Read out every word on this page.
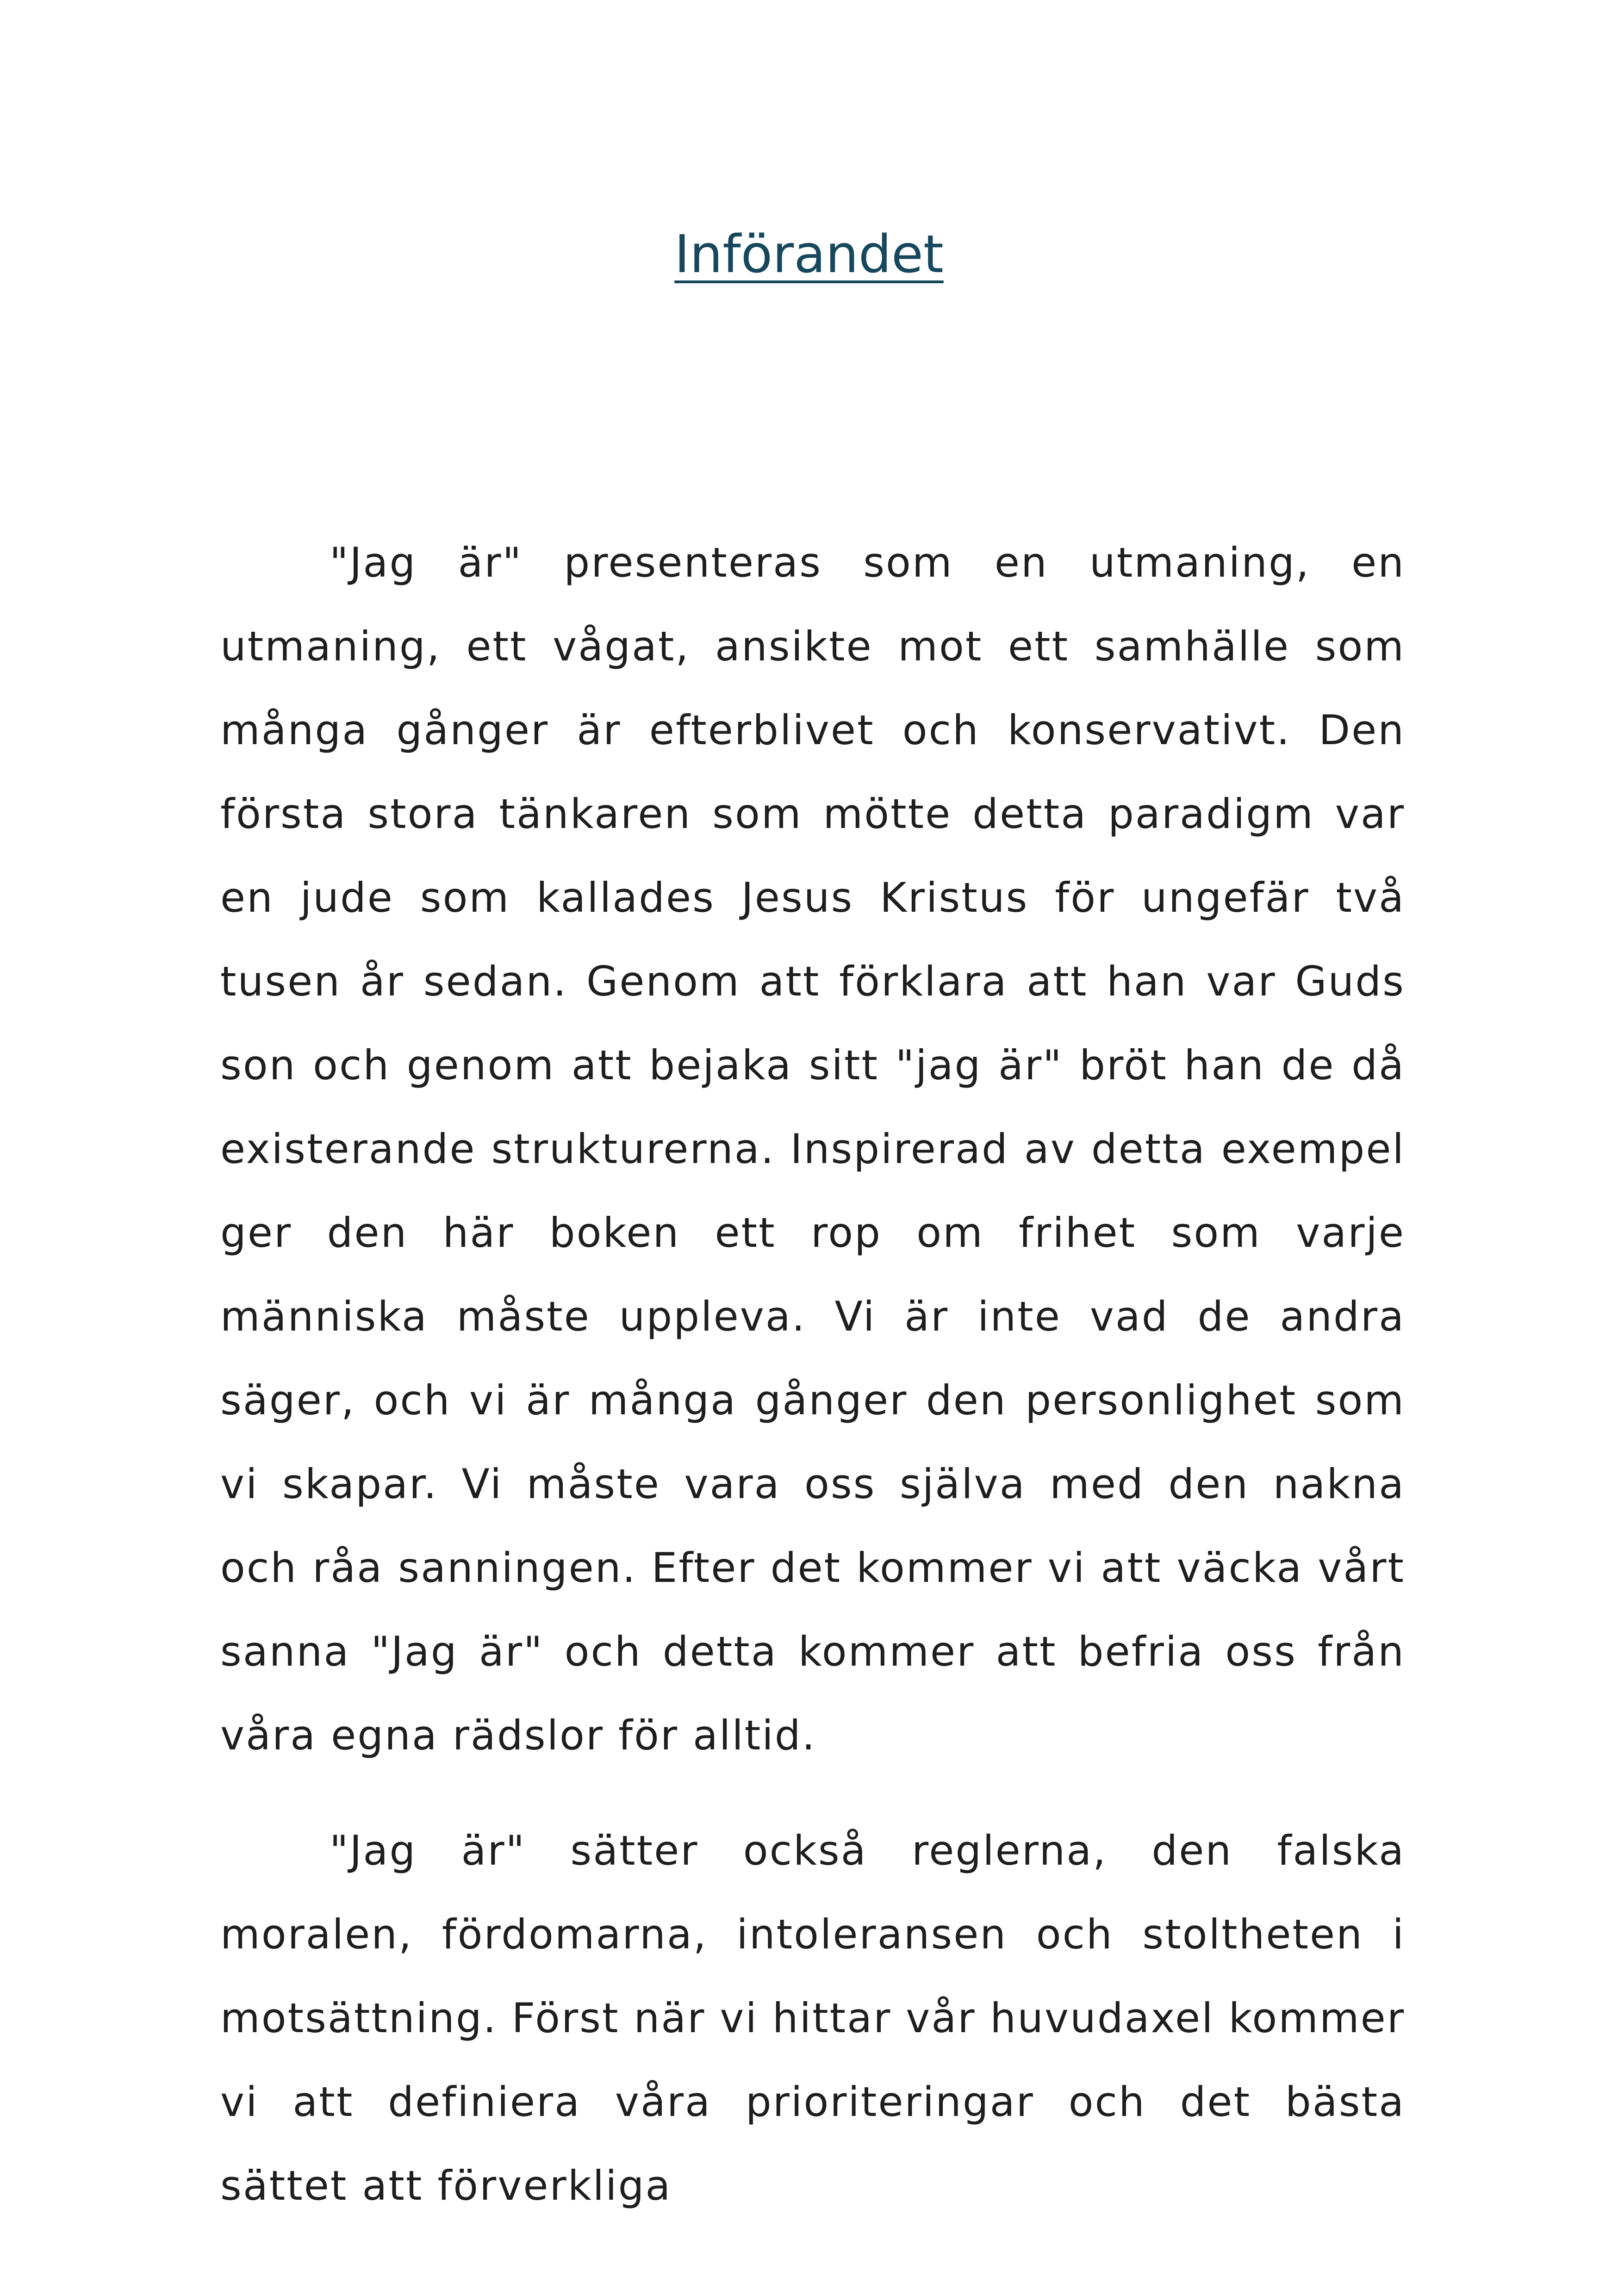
Införandet

"Jag är" presenteras som en utmaning, en utmaning, ett vågat, ansikte mot ett samhälle som många gånger är efterblivet och konservativt. Den första stora tänkaren som mötte detta paradigm var en jude som kallades Jesus Kristus för ungefär två tusen år sedan. Genom att förklara att han var Guds son och genom att bejaka sitt "jag är" bröt han de då existerande strukturerna. Inspirerad av detta exempel ger den här boken ett rop om frihet som varje människa måste uppleva. Vi är inte vad de andra säger, och vi är många gånger den personlighet som vi skapar. Vi måste vara oss själva med den nakna och råa sanningen. Efter det kommer vi att väcka vårt sanna "Jag är" och detta kommer att befria oss från våra egna rädslor för alltid.

"Jag är" sätter också reglerna, den falska moralen, fördomarna, intoleransen och stoltheten i motsättning. Först när vi hittar vår huvudaxel kommer vi att definiera våra prioriteringar och det bästa sättet att förverkliga
